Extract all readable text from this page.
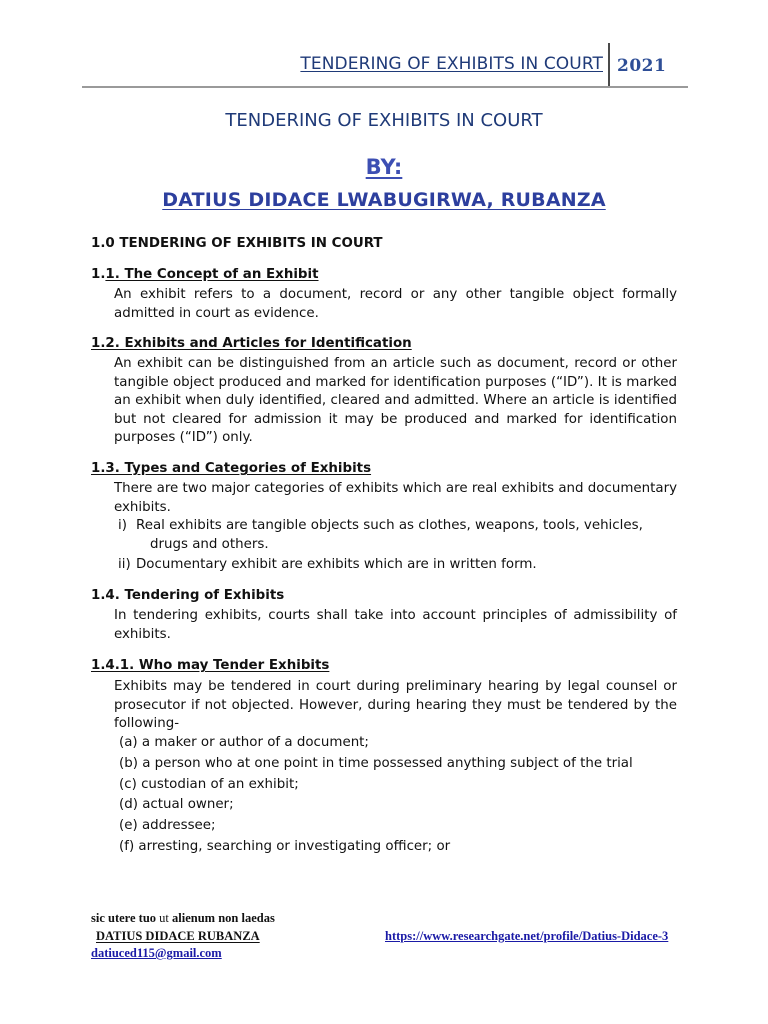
TENDERING OF EXHIBITS IN COURT 2021
TENDERING OF EXHIBITS IN COURT
BY:
DATIUS DIDACE LWABUGIRWA, RUBANZA
1.0 TENDERING OF EXHIBITS IN COURT
1.1. The Concept of an Exhibit
An exhibit refers to a document, record or any other tangible object formally admitted in court as evidence.
1.2. Exhibits and Articles for Identification
An exhibit can be distinguished from an article such as document, record or other tangible object produced and marked for identification purposes (“ID”). It is marked an exhibit when duly identified, cleared and admitted. Where an article is identified but not cleared for admission it may be produced and marked for identification purposes (“ID”) only.
1.3. Types and Categories of Exhibits
There are two major categories of exhibits which are real exhibits and documentary exhibits.
i) Real exhibits are tangible objects such as clothes, weapons, tools, vehicles,
drugs and others.
ii) Documentary exhibit are exhibits which are in written form.
1.4. Tendering of Exhibits
In tendering exhibits, courts shall take into account principles of admissibility of exhibits.
1.4.1. Who may Tender Exhibits
Exhibits may be tendered in court during preliminary hearing by legal counsel or prosecutor if not objected. However, during hearing they must be tendered by the following-
(a) a maker or author of a document;
(b) a person who at one point in time possessed anything subject of the trial
(c) custodian of an exhibit;
(d) actual owner;
(e) addressee;
(f) arresting, searching or investigating officer; or
sic utere tuo ut alienum non laedas
DATIUS DIDACE RUBANZA
datiuced115@gmail.com
https://www.researchgate.net/profile/Datius-Didace-3
